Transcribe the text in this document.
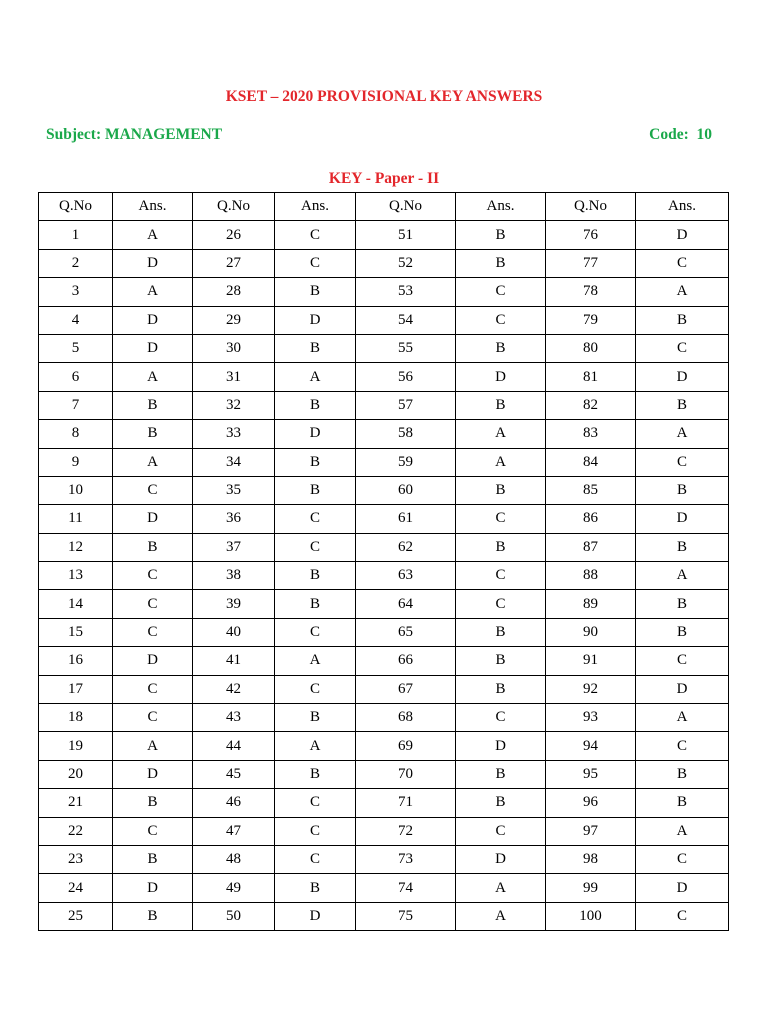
KSET – 2020 PROVISIONAL KEY ANSWERS
Subject: MANAGEMENT	Code:  10
KEY - Paper - II
Q.No	Ans.	Q.No	Ans.	Q.No	Ans.	Q.No	Ans.
1	A	26	C	51	B	76	D
2	D	27	C	52	B	77	C
3	A	28	B	53	C	78	A
4	D	29	D	54	C	79	B
5	D	30	B	55	B	80	C
6	A	31	A	56	D	81	D
7	B	32	B	57	B	82	B
8	B	33	D	58	A	83	A
9	A	34	B	59	A	84	C
10	C	35	B	60	B	85	B
11	D	36	C	61	C	86	D
12	B	37	C	62	B	87	B
13	C	38	B	63	C	88	A
14	C	39	B	64	C	89	B
15	C	40	C	65	B	90	B
16	D	41	A	66	B	91	C
17	C	42	C	67	B	92	D
18	C	43	B	68	C	93	A
19	A	44	A	69	D	94	C
20	D	45	B	70	B	95	B
21	B	46	C	71	B	96	B
22	C	47	C	72	C	97	A
23	B	48	C	73	D	98	C
24	D	49	B	74	A	99	D
25	B	50	D	75	A	100	C
